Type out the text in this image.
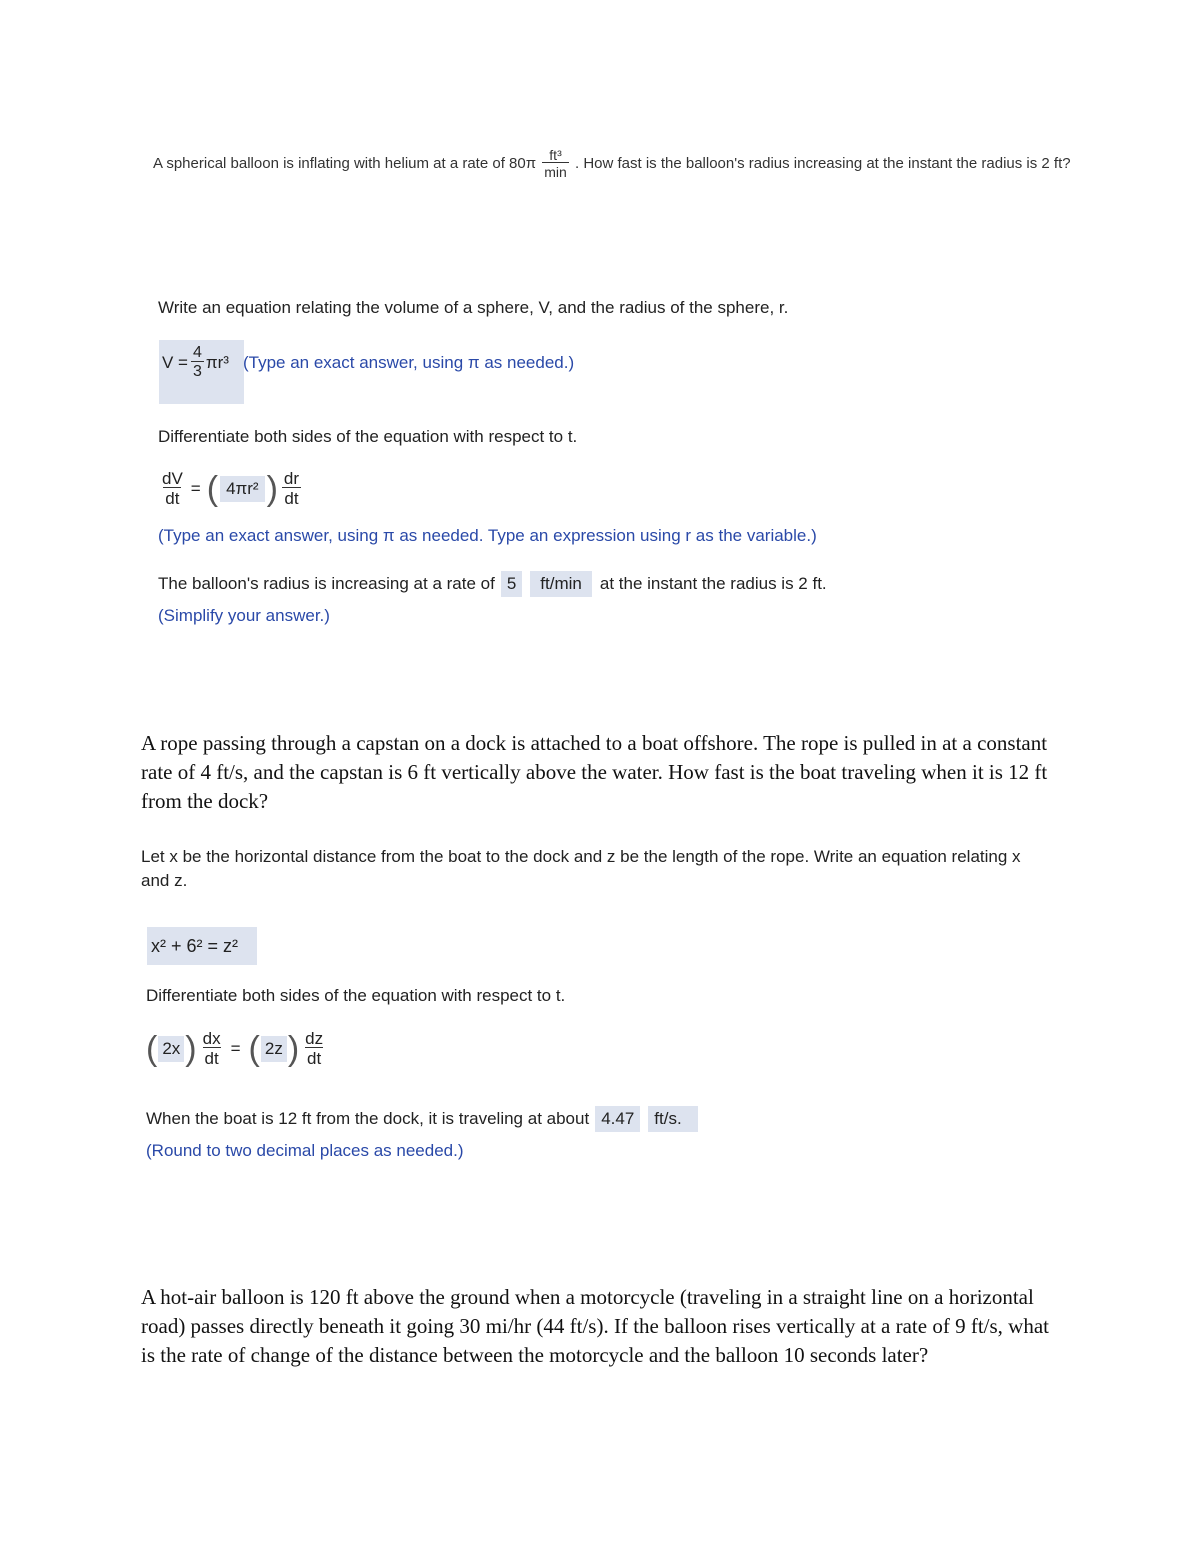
A spherical balloon is inflating with helium at a rate of $80\pi \frac{\text{ft³}}{\min}$ . How fast is the balloon's radius increasing at the instant the radius is 2 ft?
Write an equation relating the volume of a sphere, V, and the radius of the sphere, r.
$V = \frac{4}{3} \pi r^3$ (Type an exact answer, using π as needed.)
Differentiate both sides of the equation with respect to t.
$\frac{dV}{dt}$ = ( 4πr² ) $\frac{dr}{dt}$
(Type an exact answer, using π as needed. Type an expression using r as the variable.)
The balloon's radius is increasing at a rate of 5	ft/min	at the instant the radius is 2 ft.
(Simplify your answer.)
A rope passing through a capstan on a dock is attached to a boat offshore. The rope is pulled in at a constant rate of 4 ft/s, and the capstan is 6 ft vertically above the water. How fast is the boat traveling when it is 12 ft from the dock?
Let x be the horizontal distance from the boat to the dock and z be the length of the rope. Write an equation relating x and z.
x² + 6² = z²
Differentiate both sides of the equation with respect to t.
( 2x ) $\frac{dx}{dt}$ = ( 2z ) $\frac{dz}{dt}$
When the boat is 12 ft from the dock, it is traveling at about 4.47	ft/s.
(Round to two decimal places as needed.)
A hot-air balloon is 120 ft above the ground when a motorcycle (traveling in a straight line on a horizontal road) passes directly beneath it going 30 mi/hr (44 ft/s). If the balloon rises vertically at a rate of 9 ft/s, what is the rate of change of the distance between the motorcycle and the balloon 10 seconds later?
